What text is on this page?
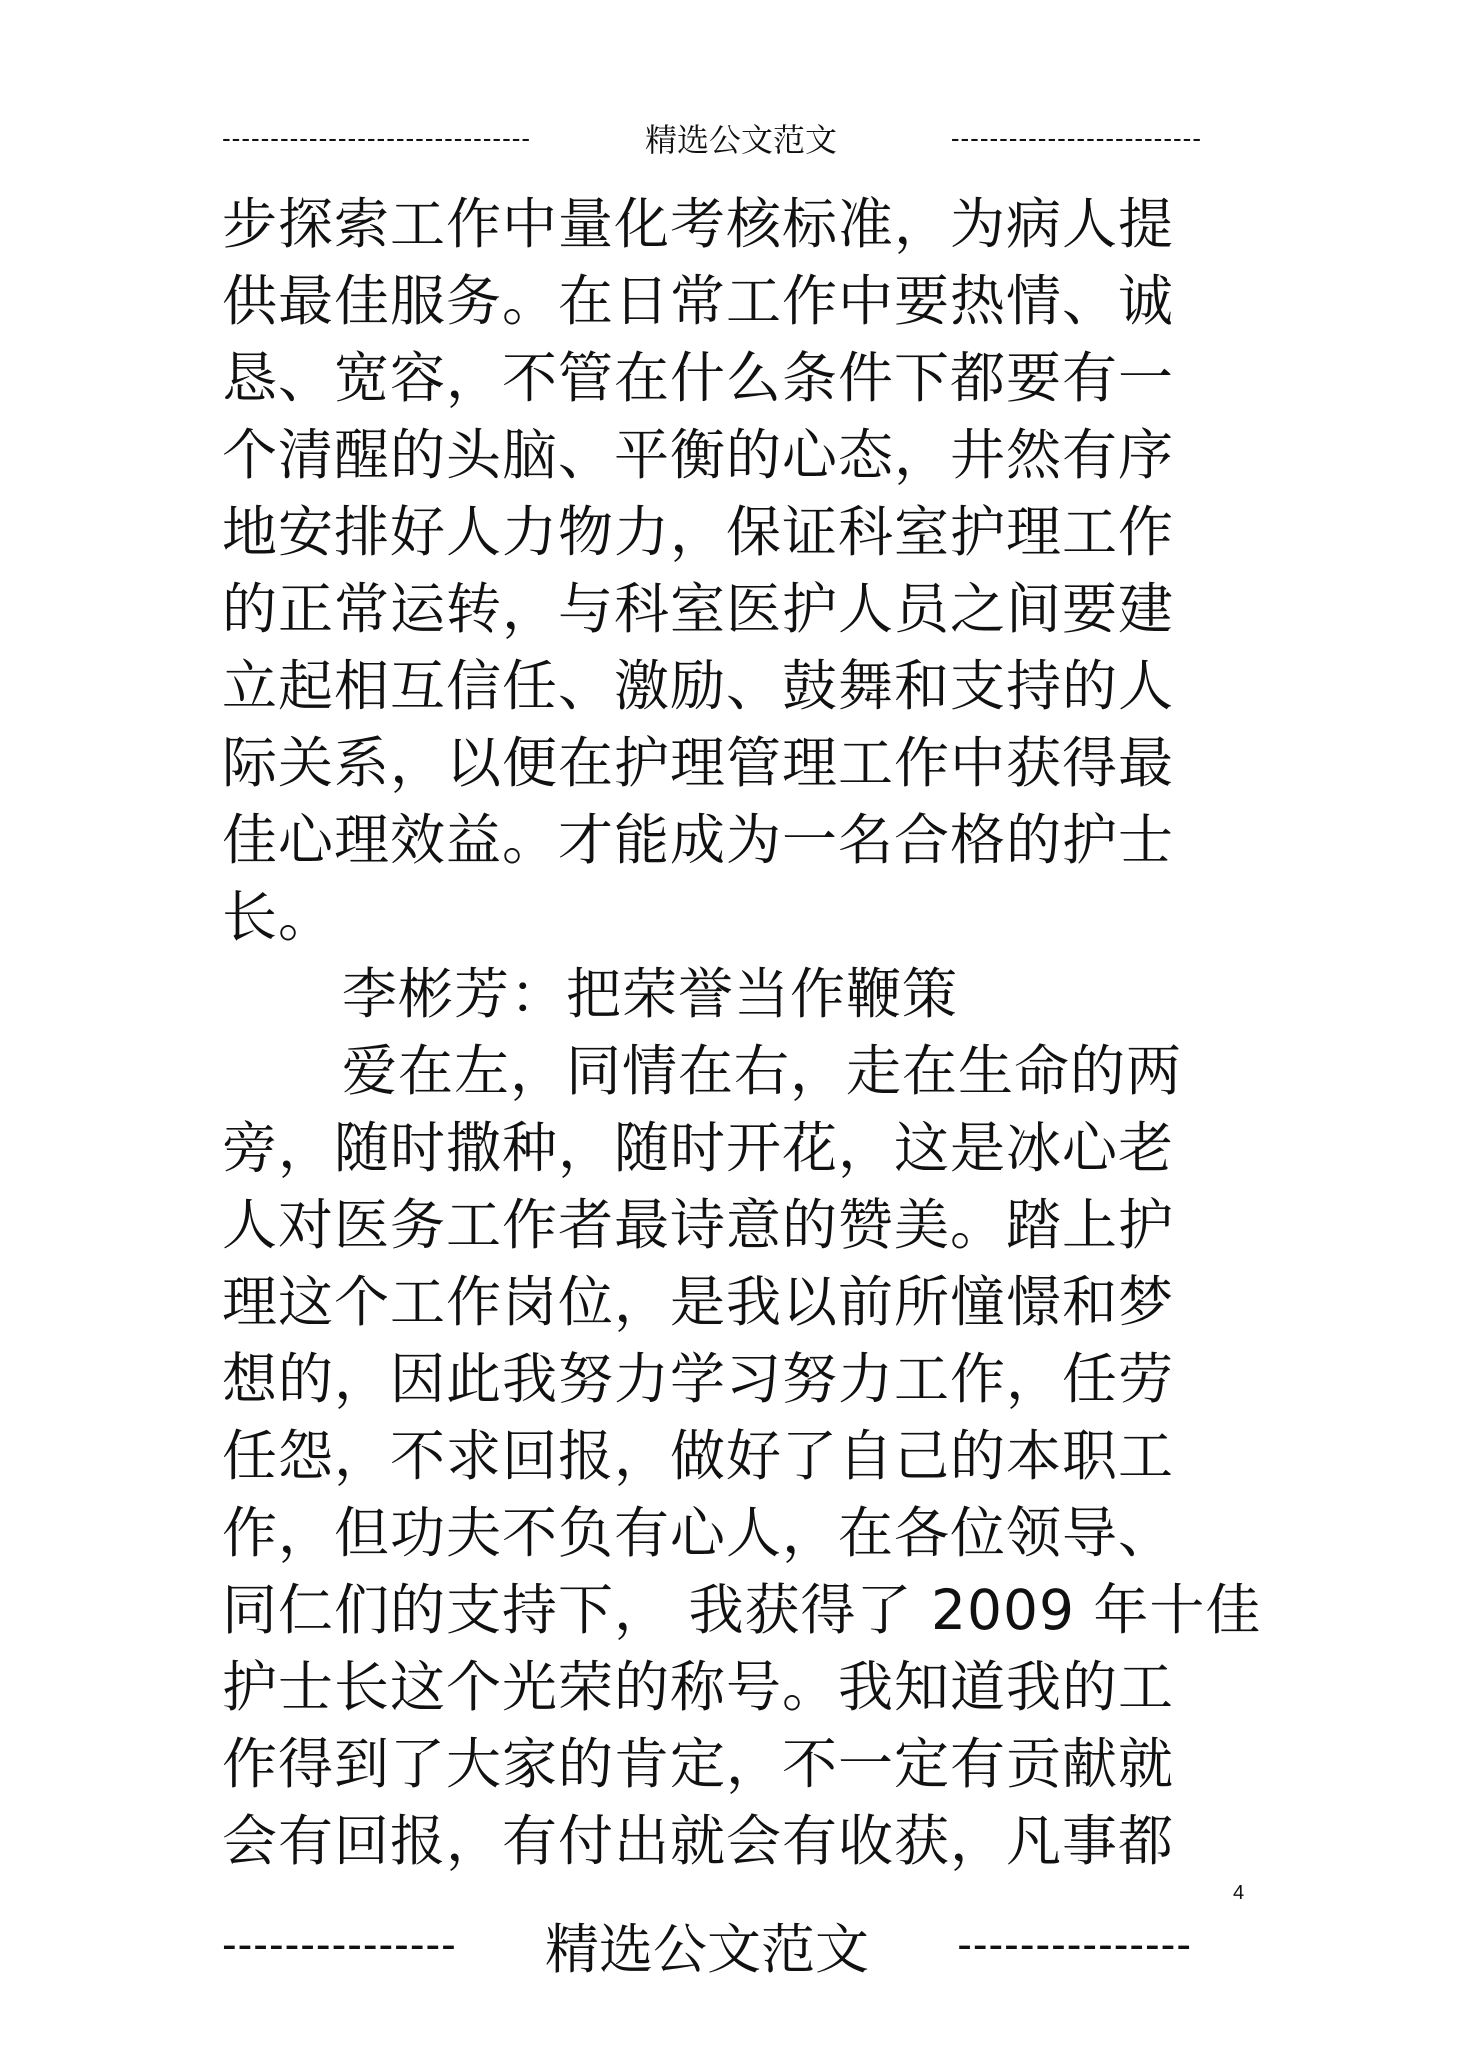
--------------------------------	精选公文范文	--------------------------
步探索工作中量化考核标准，为病人提
供最佳服务。在日常工作中要热情、诚
恳、宽容，不管在什么条件下都要有一
个清醒的头脑、平衡的心态，井然有序
地安排好人力物力，保证科室护理工作
的正常运转，与科室医护人员之间要建
立起相互信任、激励、鼓舞和支持的人
际关系，以便在护理管理工作中获得最
佳心理效益。才能成为一名合格的护士
长。
李彬芳：把荣誉当作鞭策
爱在左，同情在右，走在生命的两
旁，随时撒种，随时开花，这是冰心老
人对医务工作者最诗意的赞美。踏上护
理这个工作岗位，是我以前所憧憬和梦
想的，因此我努力学习努力工作，任劳
任怨，不求回报，做好了自己的本职工
作，但功夫不负有心人，在各位领导、
同仁们的支持下， 我获得了 2009 年十佳
护士长这个光荣的称号。我知道我的工
作得到了大家的肯定，不一定有贡献就
会有回报，有付出就会有收获，凡事都
4
--------------- 精选公文范文 ---------------
